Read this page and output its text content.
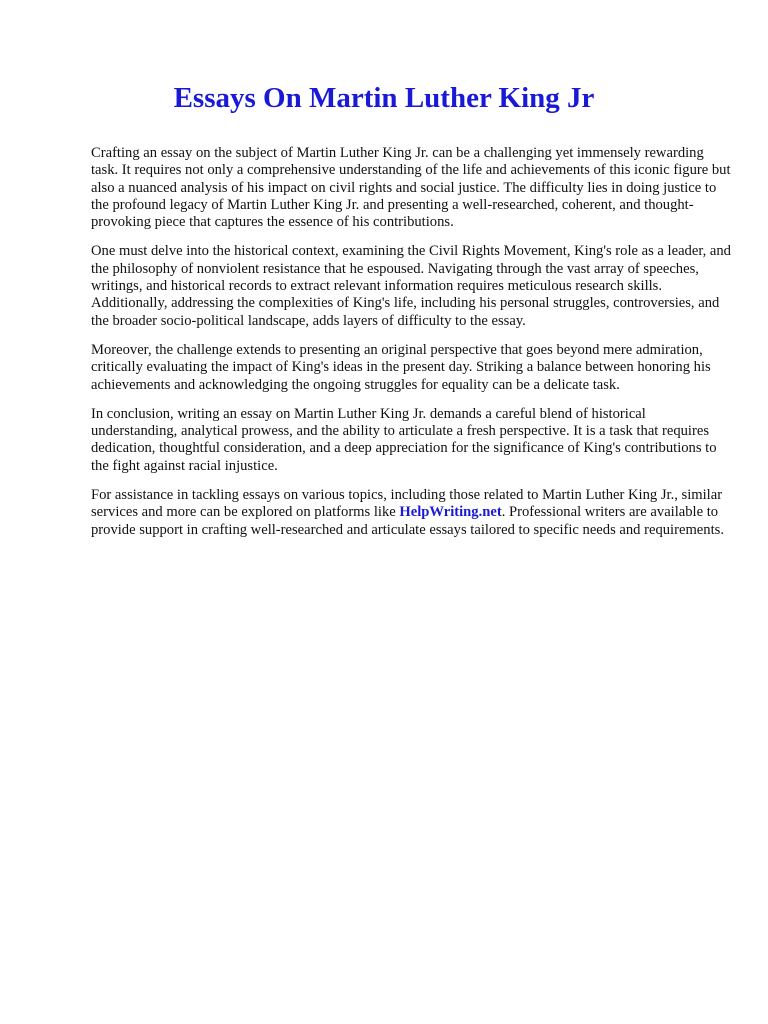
Essays On Martin Luther King Jr

Crafting an essay on the subject of Martin Luther King Jr. can be a challenging yet immensely rewarding task. It requires not only a comprehensive understanding of the life and achievements of this iconic figure but also a nuanced analysis of his impact on civil rights and social justice. The difficulty lies in doing justice to the profound legacy of Martin Luther King Jr. and presenting a well-researched, coherent, and thought-provoking piece that captures the essence of his contributions.

One must delve into the historical context, examining the Civil Rights Movement, King's role as a leader, and the philosophy of nonviolent resistance that he espoused. Navigating through the vast array of speeches, writings, and historical records to extract relevant information requires meticulous research skills. Additionally, addressing the complexities of King's life, including his personal struggles, controversies, and the broader socio-political landscape, adds layers of difficulty to the essay.

Moreover, the challenge extends to presenting an original perspective that goes beyond mere admiration, critically evaluating the impact of King's ideas in the present day. Striking a balance between honoring his achievements and acknowledging the ongoing struggles for equality can be a delicate task.

In conclusion, writing an essay on Martin Luther King Jr. demands a careful blend of historical understanding, analytical prowess, and the ability to articulate a fresh perspective. It is a task that requires dedication, thoughtful consideration, and a deep appreciation for the significance of King's contributions to the fight against racial injustice.

For assistance in tackling essays on various topics, including those related to Martin Luther King Jr., similar services and more can be explored on platforms like HelpWriting.net. Professional writers are available to provide support in crafting well-researched and articulate essays tailored to specific needs and requirements.
